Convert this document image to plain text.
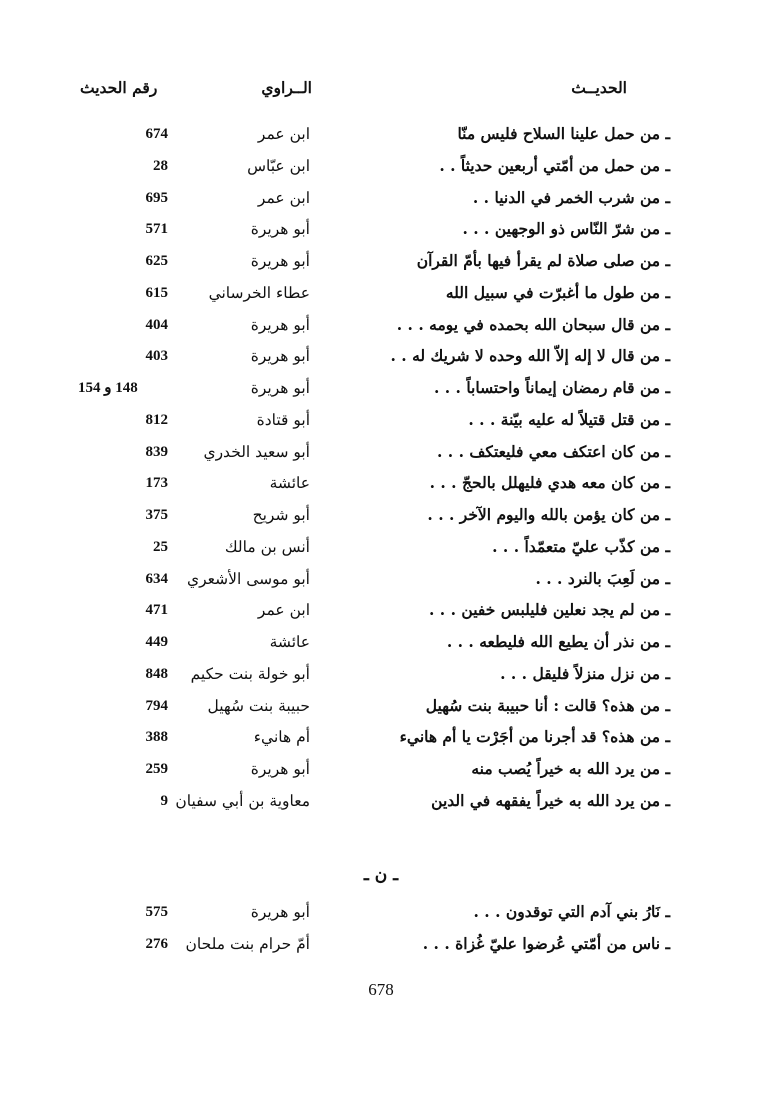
الحديــث
الــراوي
رقم الحديث
ـ من حمل علينا السلاح فليس منّا
ابن عمر
674
ـ من حمل من أمّتي أربعين حديثاً . .
ابن عبّاس
28
ـ من شرب الخمر في الدنيا . .
ابن عمر
695
ـ من شرّ النّاس ذو الوجهين . . .
أبو هريرة
571
ـ من صلى صلاة لم يقرأ فيها بأمّ القرآن
أبو هريرة
625
ـ من طول ما أغبرّت في سبيل الله
عطاء الخرساني
615
ـ من قال سبحان الله بحمده في يومه . . .
أبو هريرة
404
ـ من قال لا إله إلاّ الله وحده لا شريك له . .
أبو هريرة
403
ـ من قام رمضان إيماناً واحتساباً . . .
أبو هريرة
148 و 154
ـ من قتل قتيلاً له عليه بيّنة . . .
أبو قتادة
812
ـ من كان اعتكف معي فليعتكف . . .
أبو سعيد الخدري
839
ـ من كان معه هدي فليهلل بالحجّ . . .
عائشة
173
ـ من كان يؤمن بالله واليوم الآخر . . .
أبو شريح
375
ـ من كذّب عليّ متعمّداً . . .
أنس بن مالك
25
ـ من لَعِبَ بالنرد . . .
أبو موسى الأشعري
634
ـ من لم يجد نعلين فليلبس خفين . . .
ابن عمر
471
ـ من نذر أن يطيع الله فليطعه . . .
عائشة
449
ـ من نزل منزلاً فليقل . . .
أبو خولة بنت حكيم
848
ـ من هذه؟ قالت : أنا حبيبة بنت سُهيل
حبيبة بنت سُهيل
794
ـ من هذه؟ قد أجرنا من أجَرْت يا أم هانيء
أم هانيء
388
ـ من يرد الله به خيراً يُصب منه
أبو هريرة
259
ـ من يرد الله به خيراً يفقهه في الدين
معاوية بن أبي سفيان
9
ـ ن ـ
ـ نَارُ بني آدم التي توقدون . . .
أبو هريرة
575
ـ ناس من أمّتي عُرضوا عليّ غُزاة . . .
أمّ حرام بنت ملحان
276
678
